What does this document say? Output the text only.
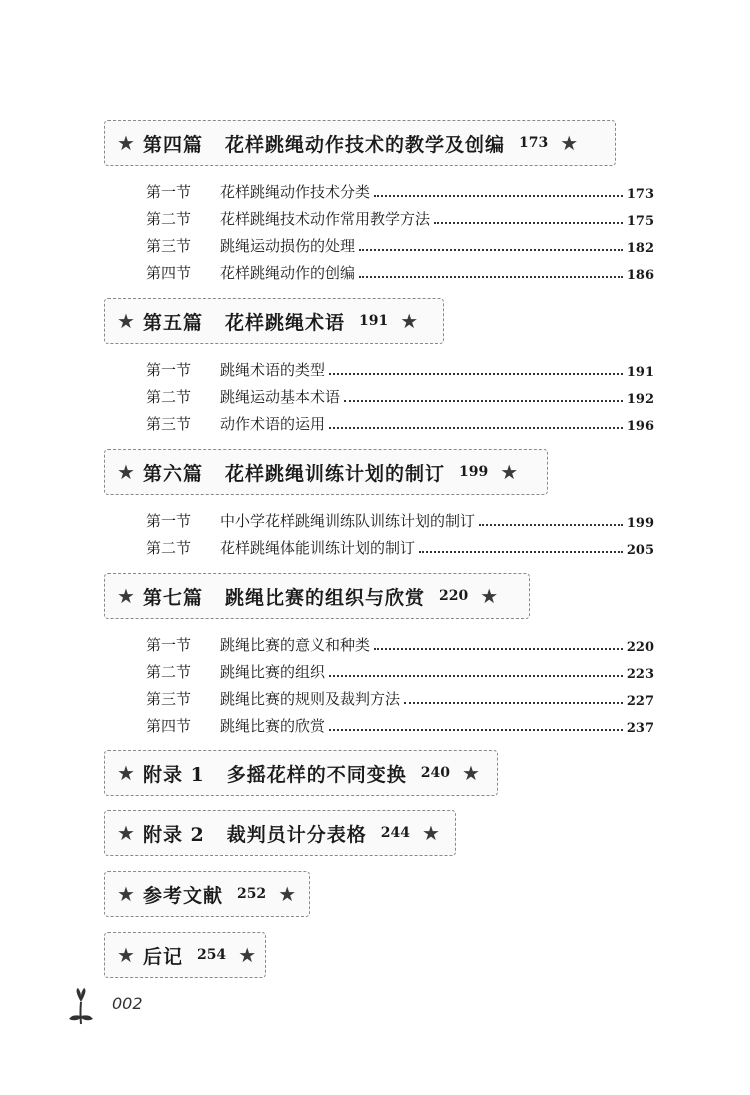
★ 第四篇 花样跳绳动作技术的教学及创编 173 ★
第一节	花样跳绳动作技术分类	173
第二节	花样跳绳技术动作常用教学方法	175
第三节	跳绳运动损伤的处理	182
第四节	花样跳绳动作的创编	186
★ 第五篇 花样跳绳术语 191 ★
第一节	跳绳术语的类型	191
第二节	跳绳运动基本术语	192
第三节	动作术语的运用	196
★ 第六篇 花样跳绳训练计划的制订 199 ★
第一节	中小学花样跳绳训练队训练计划的制订	199
第二节	花样跳绳体能训练计划的制订	205
★ 第七篇 跳绳比赛的组织与欣赏 220 ★
第一节	跳绳比赛的意义和种类	220
第二节	跳绳比赛的组织	223
第三节	跳绳比赛的规则及裁判方法	227
第四节	跳绳比赛的欣赏	237
★ 附录 1 多摇花样的不同变换 240 ★
★ 附录 2 裁判员计分表格 244 ★
★ 参考文献 252 ★
★ 后记 254 ★
002
